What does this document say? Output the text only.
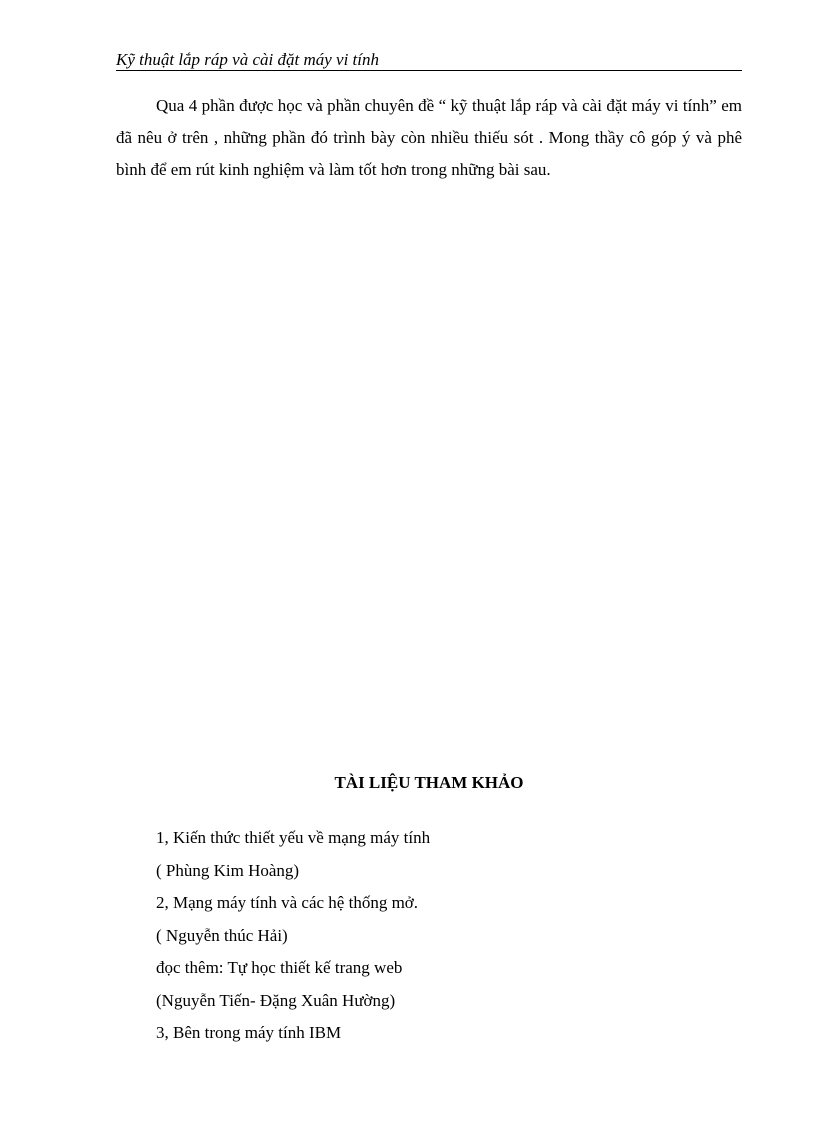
Kỹ thuật lắp ráp và cài đặt máy vi tính

Qua 4 phần được học và phần chuyên đề “ kỹ thuật lắp ráp và cài đặt máy vi tính” em đã nêu ở trên , những phần đó trình bày còn nhiều thiếu sót . Mong thầy cô góp ý và phê bình để em rút kinh nghiệm và làm tốt hơn trong những bài sau.

TÀI LIỆU THAM KHẢO
1, Kiến thức thiết yếu về mạng máy tính
( Phùng Kim Hoàng)
2, Mạng máy tính và các hệ thống mở.
( Nguyễn thúc Hải)
đọc thêm: Tự học thiết kế trang web
(Nguyễn Tiến- Đặng Xuân Hường)
3, Bên trong máy tính IBM
